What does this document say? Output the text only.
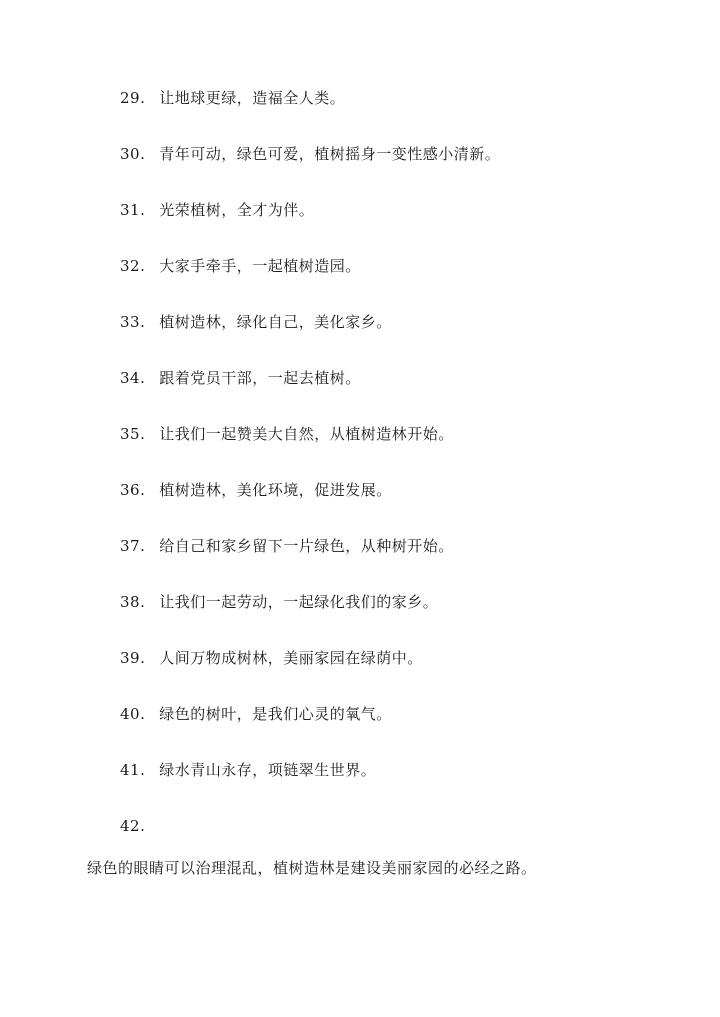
29. 让地球更绿，造福全人类。
30. 青年可动，绿色可爱，植树摇身一变性感小清新。
31. 光荣植树，全才为伴。
32. 大家手牵手，一起植树造园。
33. 植树造林，绿化自己，美化家乡。
34. 跟着党员干部，一起去植树。
35. 让我们一起赞美大自然，从植树造林开始。
36. 植树造林，美化环境，促进发展。
37. 给自己和家乡留下一片绿色，从种树开始。
38. 让我们一起劳动，一起绿化我们的家乡。
39. 人间万物成树林，美丽家园在绿荫中。
40. 绿色的树叶，是我们心灵的氧气。
41. 绿水青山永存，项链翠生世界。
42.
绿色的眼睛可以治理混乱，植树造林是建设美丽家园的必经之路。
